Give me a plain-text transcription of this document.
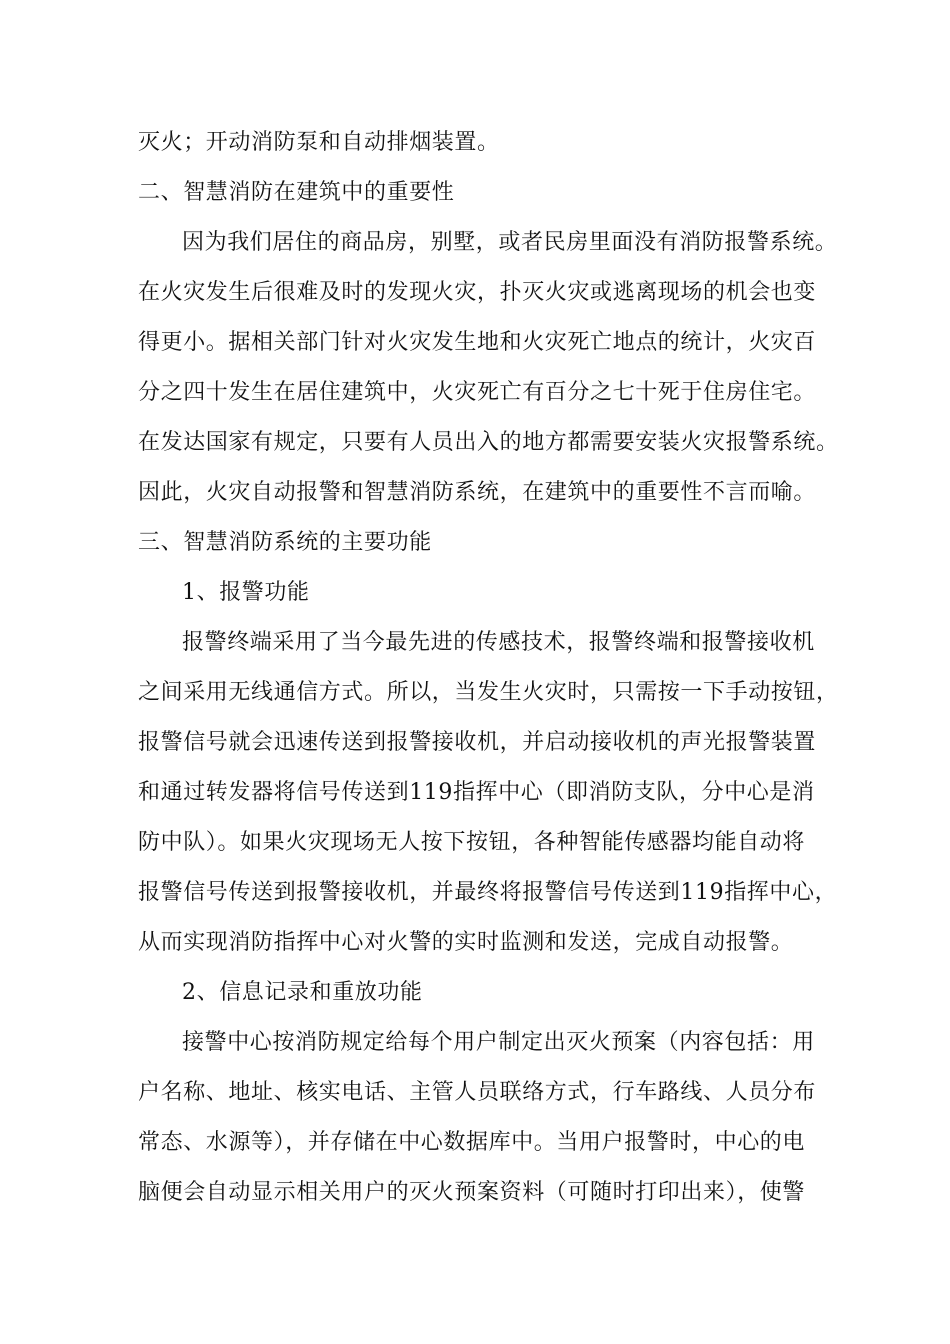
灭火；开动消防泵和自动排烟装置。
二、智慧消防在建筑中的重要性
因为我们居住的商品房，别墅，或者民房里面没有消防报警系统。
在火灾发生后很难及时的发现火灾，扑灭火灾或逃离现场的机会也变
得更小。据相关部门针对火灾发生地和火灾死亡地点的统计，火灾百
分之四十发生在居住建筑中，火灾死亡有百分之七十死于住房住宅。
在发达国家有规定，只要有人员出入的地方都需要安装火灾报警系统。
因此，火灾自动报警和智慧消防系统，在建筑中的重要性不言而喻。
三、智慧消防系统的主要功能
1、报警功能
报警终端采用了当今最先进的传感技术，报警终端和报警接收机
之间采用无线通信方式。所以，当发生火灾时，只需按一下手动按钮，
报警信号就会迅速传送到报警接收机，并启动接收机的声光报警装置
和通过转发器将信号传送到119指挥中心（即消防支队，分中心是消
防中队）。如果火灾现场无人按下按钮，各种智能传感器均能自动将
报警信号传送到报警接收机，并最终将报警信号传送到119指挥中心，
从而实现消防指挥中心对火警的实时监测和发送，完成自动报警。
2、信息记录和重放功能
接警中心按消防规定给每个用户制定出灭火预案（内容包括：用
户名称、地址、核实电话、主管人员联络方式，行车路线、人员分布
常态、水源等），并存储在中心数据库中。当用户报警时，中心的电
脑便会自动显示相关用户的灭火预案资料（可随时打印出来），使警
